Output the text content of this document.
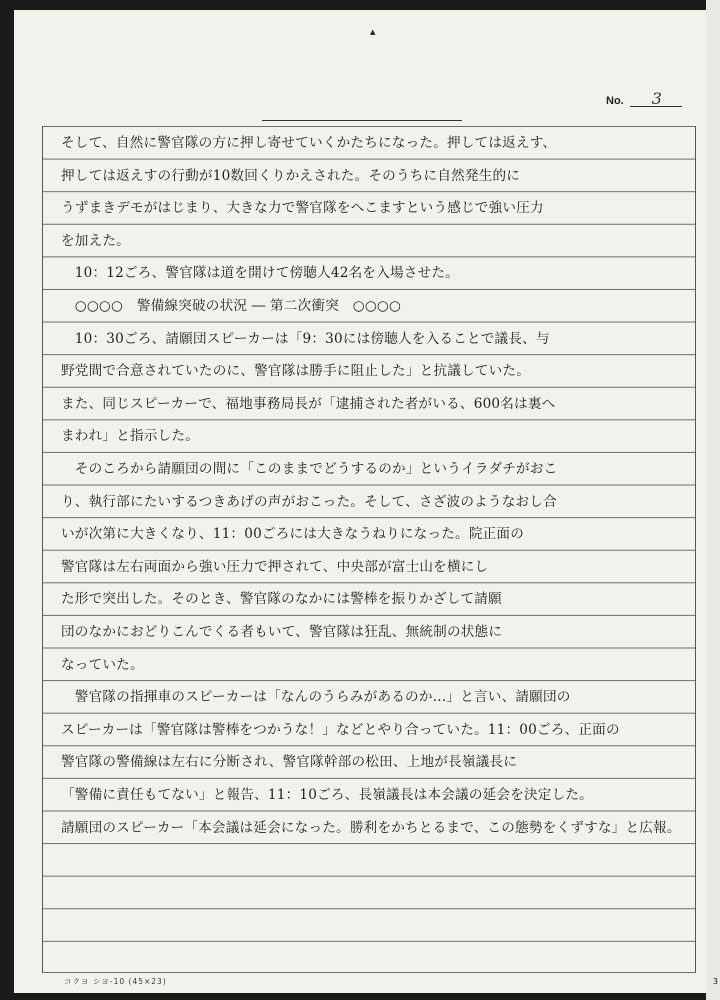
▲
No. 3
そして、自然に警官隊の方に押し寄せていくかたちになった。押しては返えす、
押しては返えすの行動が10数回くりかえされた。そのうちに自然発生的に
うずまきデモがはじまり、大きな力で警官隊をへこますという感じで強い圧力
を加えた。
　10：12ごろ、警官隊は道を開けて傍聴人42名を入場させた。
　○○○○　警備線突破の状況 ― 第二次衝突　○○○○
　10：30ごろ、請願団スピーカーは「9：30には傍聴人を入ることで議長、与
野党間で合意されていたのに、警官隊は勝手に阻止した」と抗議していた。
また、同じスピーカーで、福地事務局長が「逮捕された者がいる、600名は裏へ
まわれ」と指示した。
　そのころから請願団の間に「このままでどうするのか」というイラダチがおこ
り、執行部にたいするつきあげの声がおこった。そして、さざ波のようなおし合
いが次第に大きくなり、11：00ごろには大きなうねりになった。院正面の
警官隊は左右両面から強い圧力で押されて、中央部が富士山を横にし
た形で突出した。そのとき、警官隊のなかには警棒を振りかざして請願
団のなかにおどりこんでくる者もいて、警官隊は狂乱、無統制の状態に
なっていた。
　警官隊の指揮車のスピーカーは「なんのうらみがあるのか…」と言い、請願団の
スピーカーは「警官隊は警棒をつかうな！」などとやり合っていた。11：00ごろ、正面の
警官隊の警備線は左右に分断され、警官隊幹部の松田、上地が長嶺議長に
「警備に責任もてない」と報告、11：10ごろ、長嶺議長は本会議の延会を決定した。
請願団のスピーカー「本会議は延会になった。勝利をかちとるまで、この態勢をくずすな」と広報。
コクヨ シヨ-10 (45×23)	3
